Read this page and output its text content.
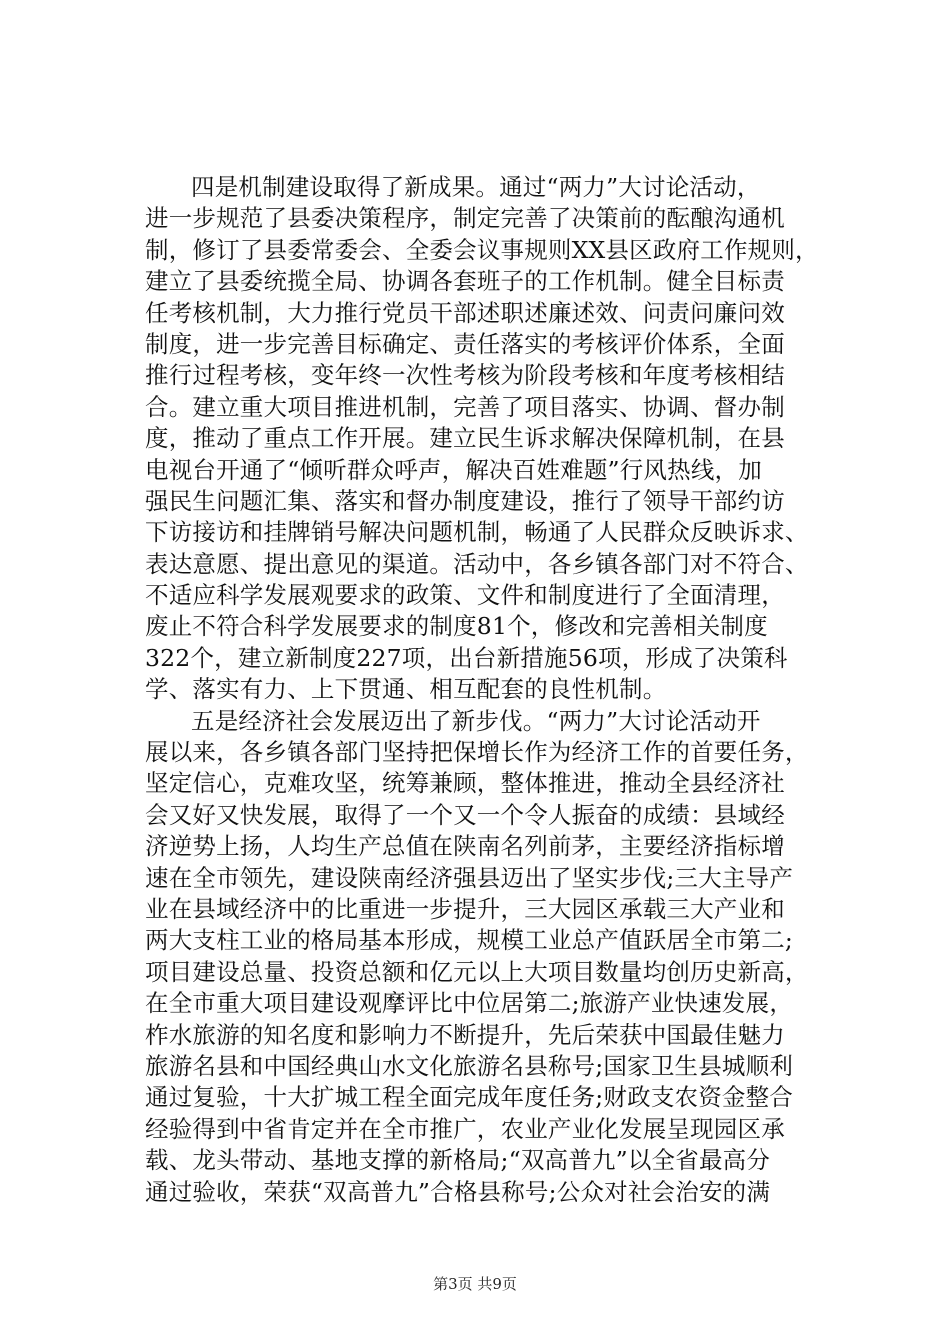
四是机制建设取得了新成果。通过“两力”大讨论活动，
进一步规范了县委决策程序，制定完善了决策前的酝酿沟通机
制，修订了县委常委会、全委会议事规则XX县区政府工作规则，
建立了县委统揽全局、协调各套班子的工作机制。健全目标责
任考核机制，大力推行党员干部述职述廉述效、问责问廉问效
制度，进一步完善目标确定、责任落实的考核评价体系，全面
推行过程考核，变年终一次性考核为阶段考核和年度考核相结
合。建立重大项目推进机制，完善了项目落实、协调、督办制
度，推动了重点工作开展。建立民生诉求解决保障机制，在县
电视台开通了“倾听群众呼声，解决百姓难题”行风热线，加
强民生问题汇集、落实和督办制度建设，推行了领导干部约访
下访接访和挂牌销号解决问题机制，畅通了人民群众反映诉求、
表达意愿、提出意见的渠道。活动中，各乡镇各部门对不符合、
不适应科学发展观要求的政策、文件和制度进行了全面清理，
废止不符合科学发展要求的制度81个，修改和完善相关制度
322个，建立新制度227项，出台新措施56项，形成了决策科
学、落实有力、上下贯通、相互配套的良性机制。
五是经济社会发展迈出了新步伐。“两力”大讨论活动开
展以来，各乡镇各部门坚持把保增长作为经济工作的首要任务，
坚定信心，克难攻坚，统筹兼顾，整体推进，推动全县经济社
会又好又快发展，取得了一个又一个令人振奋的成绩：县域经
济逆势上扬，人均生产总值在陕南名列前茅，主要经济指标增
速在全市领先，建设陕南经济强县迈出了坚实步伐;三大主导产
业在县域经济中的比重进一步提升，三大园区承载三大产业和
两大支柱工业的格局基本形成，规模工业总产值跃居全市第二;
项目建设总量、投资总额和亿元以上大项目数量均创历史新高，
在全市重大项目建设观摩评比中位居第二;旅游产业快速发展，
柞水旅游的知名度和影响力不断提升，先后荣获中国最佳魅力
旅游名县和中国经典山水文化旅游名县称号;国家卫生县城顺利
通过复验，十大扩城工程全面完成年度任务;财政支农资金整合
经验得到中省肯定并在全市推广，农业产业化发展呈现园区承
载、龙头带动、基地支撑的新格局;“双高普九”以全省最高分
通过验收，荣获“双高普九”合格县称号;公众对社会治安的满
第3页 共9页
